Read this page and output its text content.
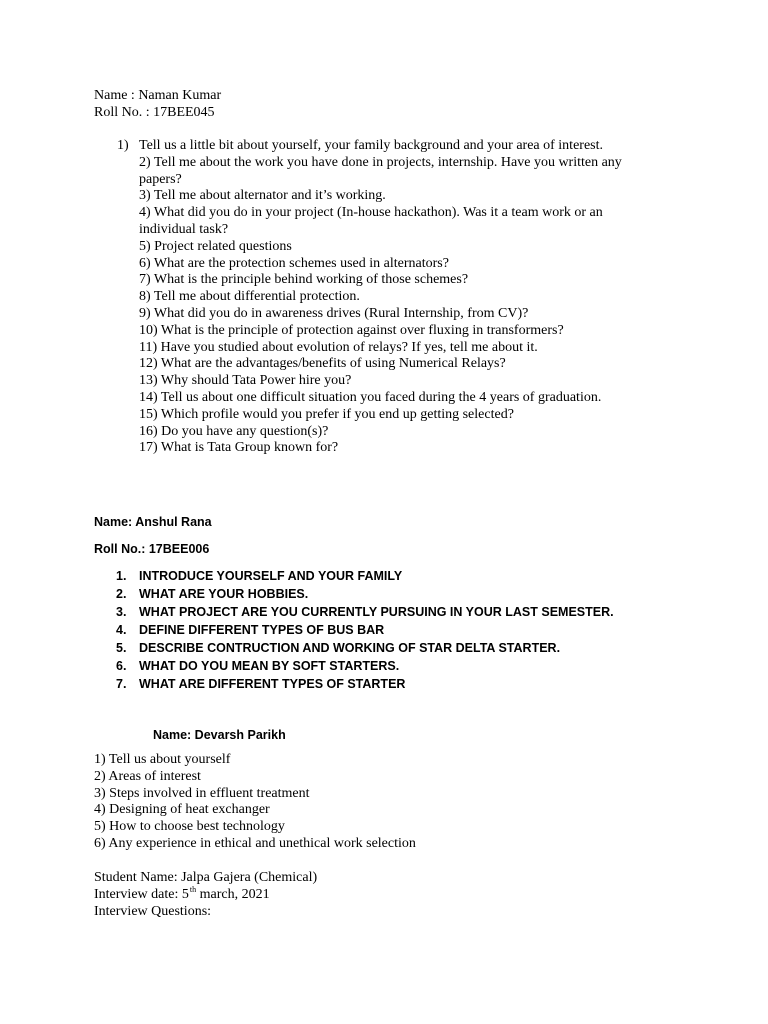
Name : Naman Kumar
Roll No. : 17BEE045
1) Tell us a little bit about yourself, your family background and your area of interest.
2) Tell me about the work you have done in projects, internship. Have you written any
papers?
3) Tell me about alternator and it’s working.
4) What did you do in your project (In-house hackathon). Was it a team work or an
individual task?
5) Project related questions
6) What are the protection schemes used in alternators?
7) What is the principle behind working of those schemes?
8) Tell me about differential protection.
9) What did you do in awareness drives (Rural Internship, from CV)?
10) What is the principle of protection against over fluxing in transformers?
11) Have you studied about evolution of relays? If yes, tell me about it.
12) What are the advantages/benefits of using Numerical Relays?
13) Why should Tata Power hire you?
14) Tell us about one difficult situation you faced during the 4 years of graduation.
15) Which profile would you prefer if you end up getting selected?
16) Do you have any question(s)?
17) What is Tata Group known for?
Name: Anshul Rana
Roll No.: 17BEE006
1. INTRODUCE YOURSELF AND YOUR FAMILY
2. WHAT ARE YOUR HOBBIES.
3. WHAT PROJECT ARE YOU CURRENTLY PURSUING IN YOUR LAST SEMESTER.
4. DEFINE DIFFERENT TYPES OF BUS BAR
5. DESCRIBE CONTRUCTION AND WORKING OF STAR DELTA STARTER.
6. WHAT DO YOU MEAN BY SOFT STARTERS.
7. WHAT ARE DIFFERENT TYPES OF STARTER
Name: Devarsh Parikh
1) Tell us about yourself
2) Areas of interest
3) Steps involved in effluent treatment
4) Designing of heat exchanger
5) How to choose best technology
6) Any experience in ethical and unethical work selection
Student Name: Jalpa Gajera (Chemical)
Interview date: 5th march, 2021
Interview Questions:
